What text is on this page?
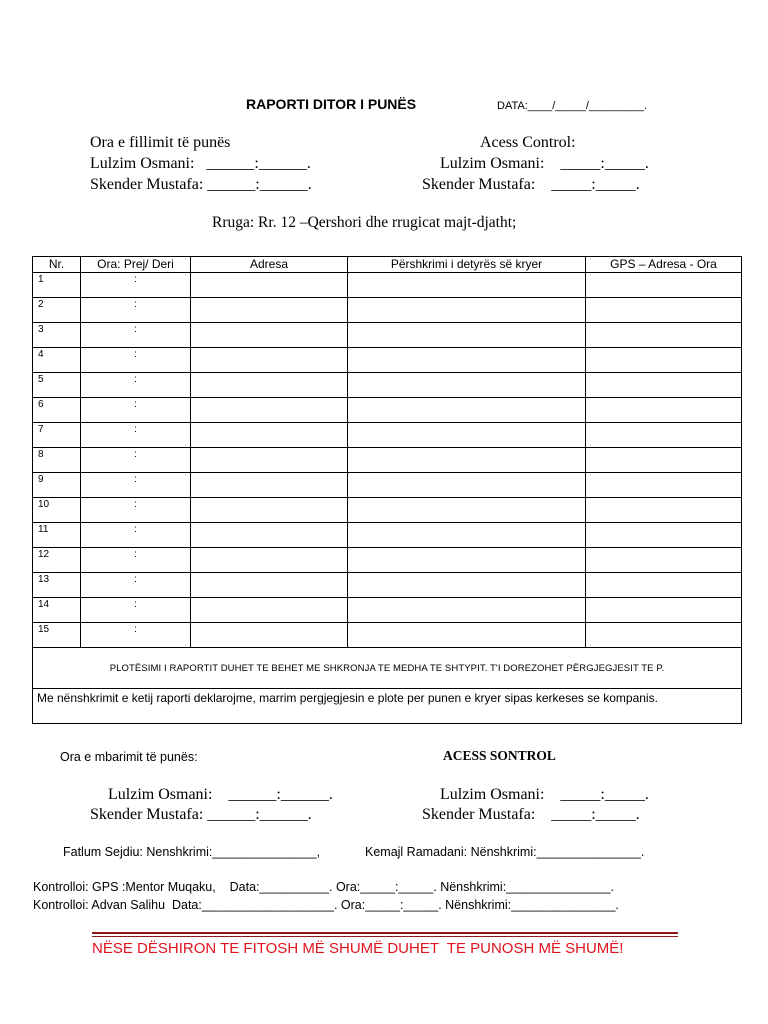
RAPORTI DITOR I PUNËS	DATA:____/_____/_________.
Ora e fillimit të punës	Acess Control:
Lulzim Osmani:   ______:______.
Skender Mustafa: ______:______.
Lulzim Osmani:    _____:_____.
Skender Mustafa:    _____:_____.
Rruga: Rr. 12 –Qershori dhe rrugicat majt-djatht;
Nr.	Ora: Prej/ Deri	Adresa	Përshkrimi i detyrës së kryer	GPS – Adresa - Ora
1	:			
2	:			
3	:			
4	:			
5	:			
6	:			
7	:			
8	:			
9	:			
10	:			
11	:			
12	:			
13	:			
14	:			
15	:			
PLOTËSIMI I RAPORTIT DUHET TE BEHET ME SHKRONJA TE MEDHA TE SHTYPIT. T'I DOREZOHET PËRGJEGJESIT TE P.				
Me nënshkrimit e ketij raporti deklarojme, marrim pergjegjesin e plote per punen e kryer sipas kerkeses se kompanis.				
Ora e mbarimit të punës:	ACESS SONTROL
Lulzim Osmani:    ______:______.
Skender Mustafa: ______:______.
Lulzim Osmani:    _____:_____.
Skender Mustafa:    _____:_____.
Fatlum Sejdiu: Nenshkrimi:_______________,	Kemajl Ramadani: Nënshkrimi:_______________.
Kontrolloi: GPS :Mentor Muqaku,    Data:__________. Ora:_____:_____. Nënshkrimi:_______________.
Kontrolloi: Advan Salihu  Data:___________________. Ora:_____:_____. Nënshkrimi:_______________.
NËSE DËSHIRON TE FITOSH MË SHUMË DUHET  TE PUNOSH MË SHUMË!
